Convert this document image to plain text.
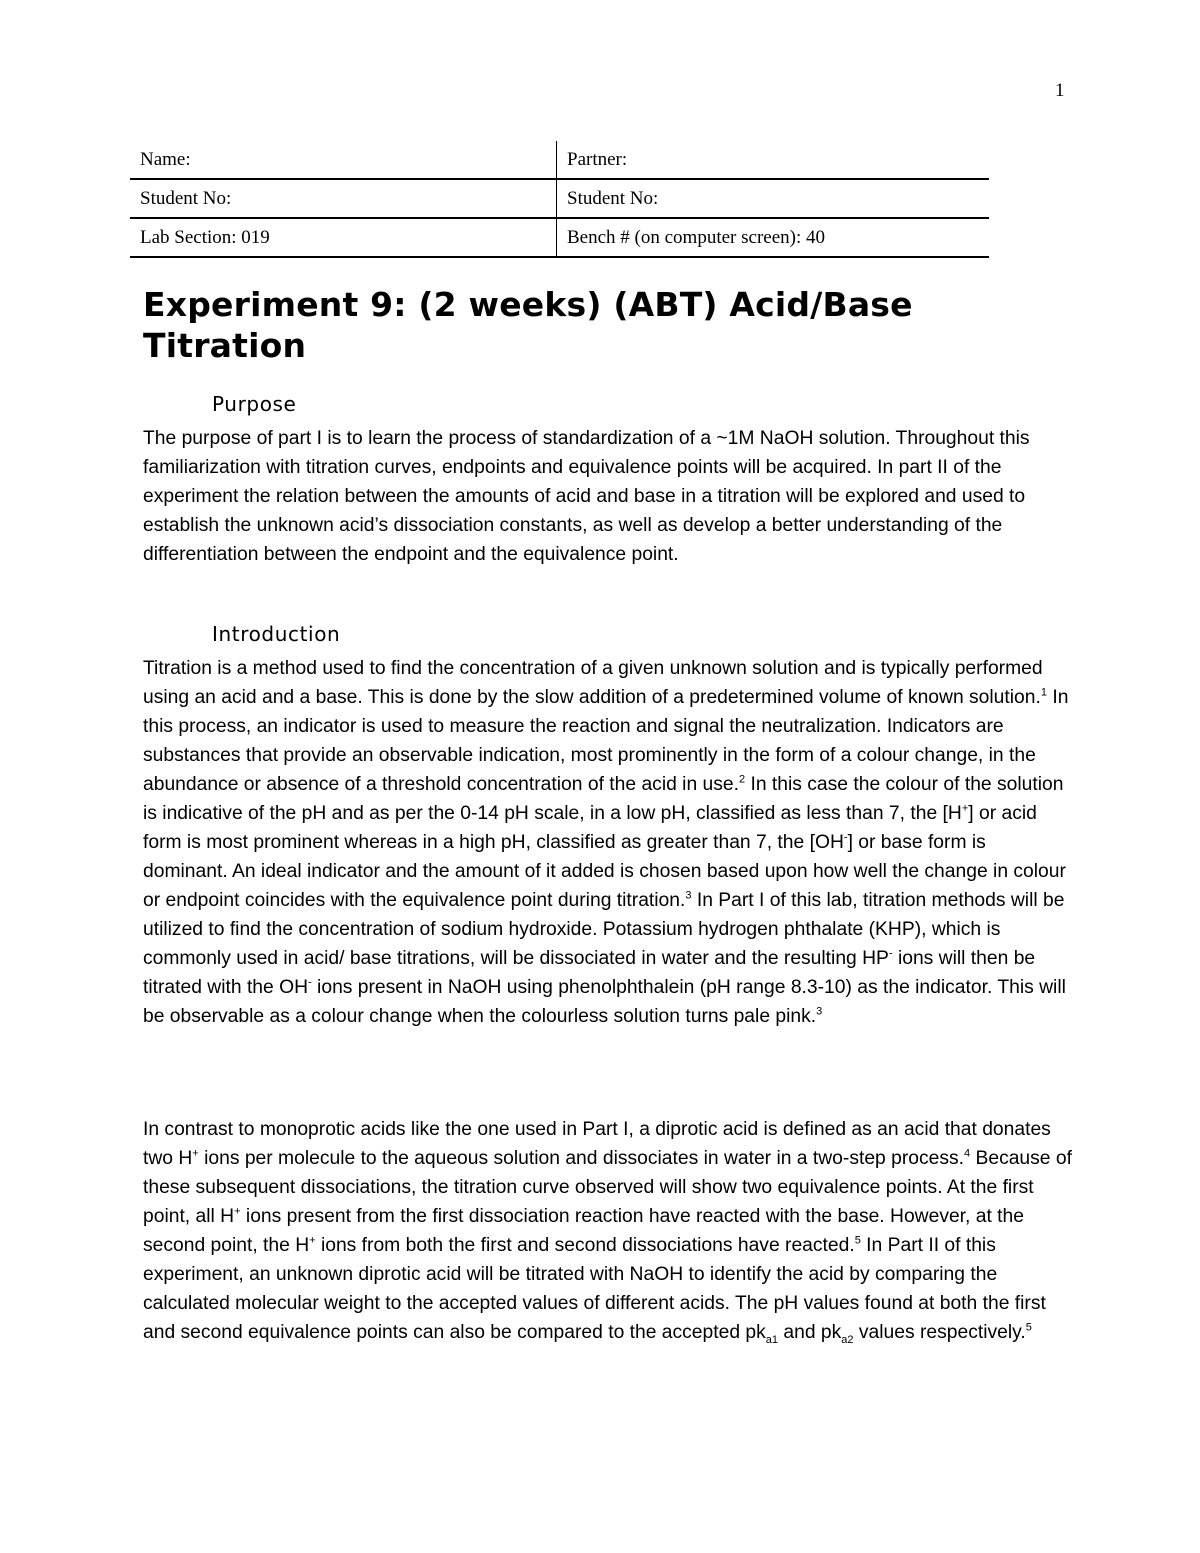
1
Name:	Partner:
Student No:	Student No:
Lab Section: 019	Bench # (on computer screen): 40
Experiment 9: (2 weeks) (ABT) Acid/Base Titration
Purpose

The purpose of part I is to learn the process of standardization of a ~1M NaOH solution. Throughout this familiarization with titration curves, endpoints and equivalence points will be acquired. In part II of the experiment the relation between the amounts of acid and base in a titration will be explored and used to establish the unknown acid’s dissociation constants, as well as develop a better understanding of the differentiation between the endpoint and the equivalence point.

Introduction

Titration is a method used to find the concentration of a given unknown solution and is typically performed using an acid and a base. This is done by the slow addition of a predetermined volume of known solution.$^1$ In this process, an indicator is used to measure the reaction and signal the neutralization. Indicators are substances that provide an observable indication, most prominently in the form of a colour change, in the abundance or absence of a threshold concentration of the acid in use.$^2$ In this case the colour of the solution is indicative of the pH and as per the 0-14 pH scale, in a low pH, classified as less than 7, the [H+] or acid form is most prominent whereas in a high pH, classified as greater than 7, the [OH-] or base form is dominant. An ideal indicator and the amount of it added is chosen based upon how well the change in colour or endpoint coincides with the equivalence point during titration.$^3$ In Part I of this lab, titration methods will be utilized to find the concentration of sodium hydroxide. Potassium hydrogen phthalate (KHP), which is commonly used in acid/ base titrations, will be dissociated in water and the resulting HP- ions will then be titrated with the OH- ions present in NaOH using phenolphthalein (pH range 8.3-10) as the indicator. This will be observable as a colour change when the colourless solution turns pale pink.$^3$

In contrast to monoprotic acids like the one used in Part I, a diprotic acid is defined as an acid that donates two H+ ions per molecule to the aqueous solution and dissociates in water in a two-step process.$^4$ Because of these subsequent dissociations, the titration curve observed will show two equivalence points. At the first point, all H+ ions present from the first dissociation reaction have reacted with the base. However, at the second point, the H+ ions from both the first and second dissociations have reacted.$^5$ In Part II of this experiment, an unknown diprotic acid will be titrated with NaOH to identify the acid by comparing the calculated molecular weight to the accepted values of different acids. The pH values found at both the first and second equivalence points can also be compared to the accepted $pk_{a1}$ and $pk_{a2}$ values respectively.$^5$
